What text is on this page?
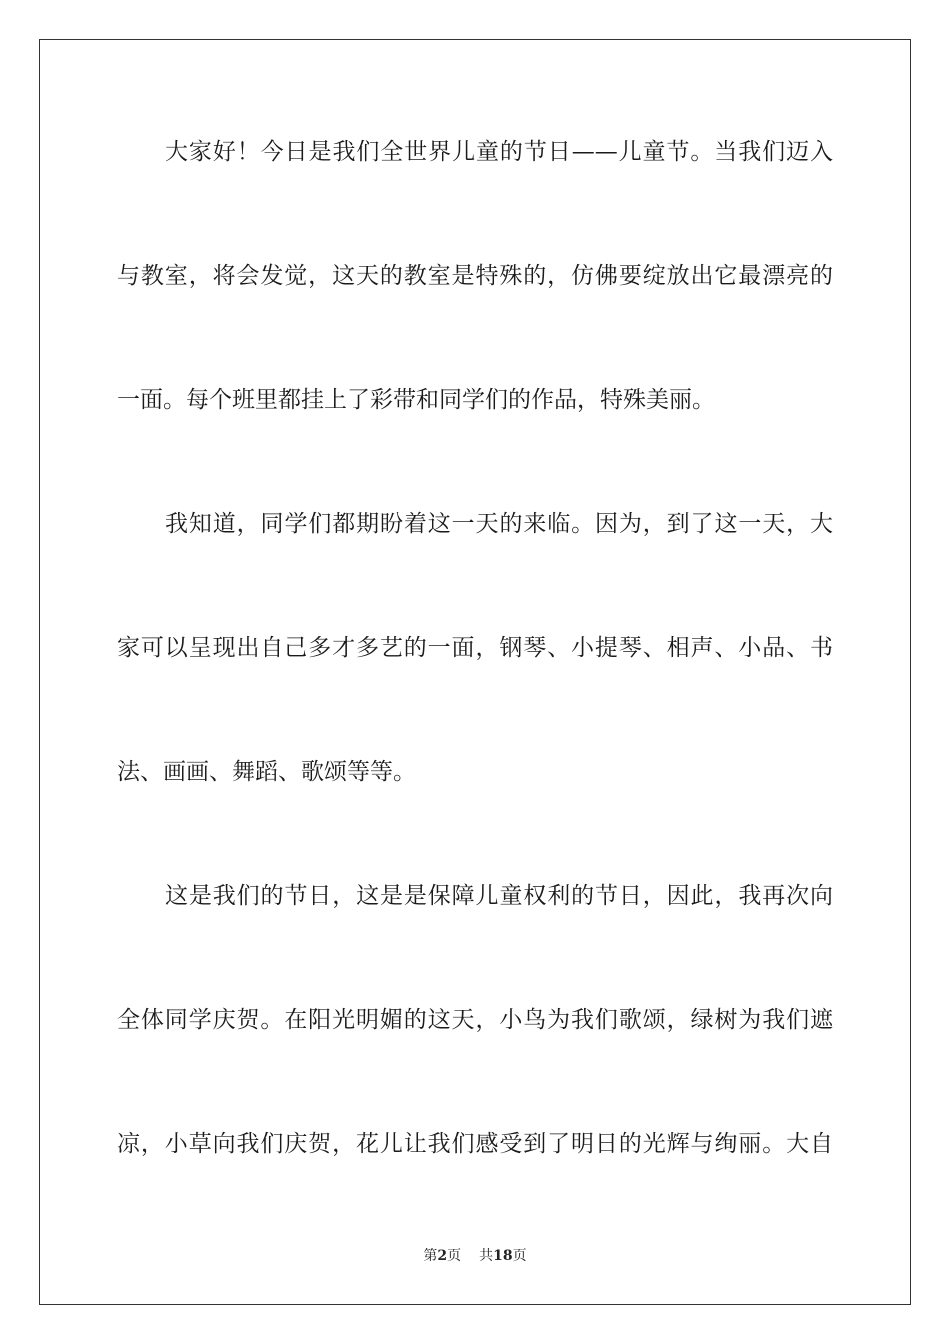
大家好！今日是我们全世界儿童的节日——儿童节。当我们迈入
与教室，将会发觉，这天的教室是特殊的，仿佛要绽放出它最漂亮的
一面。每个班里都挂上了彩带和同学们的作品，特殊美丽。
我知道，同学们都期盼着这一天的来临。因为，到了这一天，大
家可以呈现出自己多才多艺的一面，钢琴、小提琴、相声、小品、书
法、画画、舞蹈、歌颂等等。
这是我们的节日，这是是保障儿童权利的节日，因此，我再次向
全体同学庆贺。在阳光明媚的这天，小鸟为我们歌颂，绿树为我们遮
凉，小草向我们庆贺，花儿让我们感受到了明日的光辉与绚丽。大自
第2页 共18页
